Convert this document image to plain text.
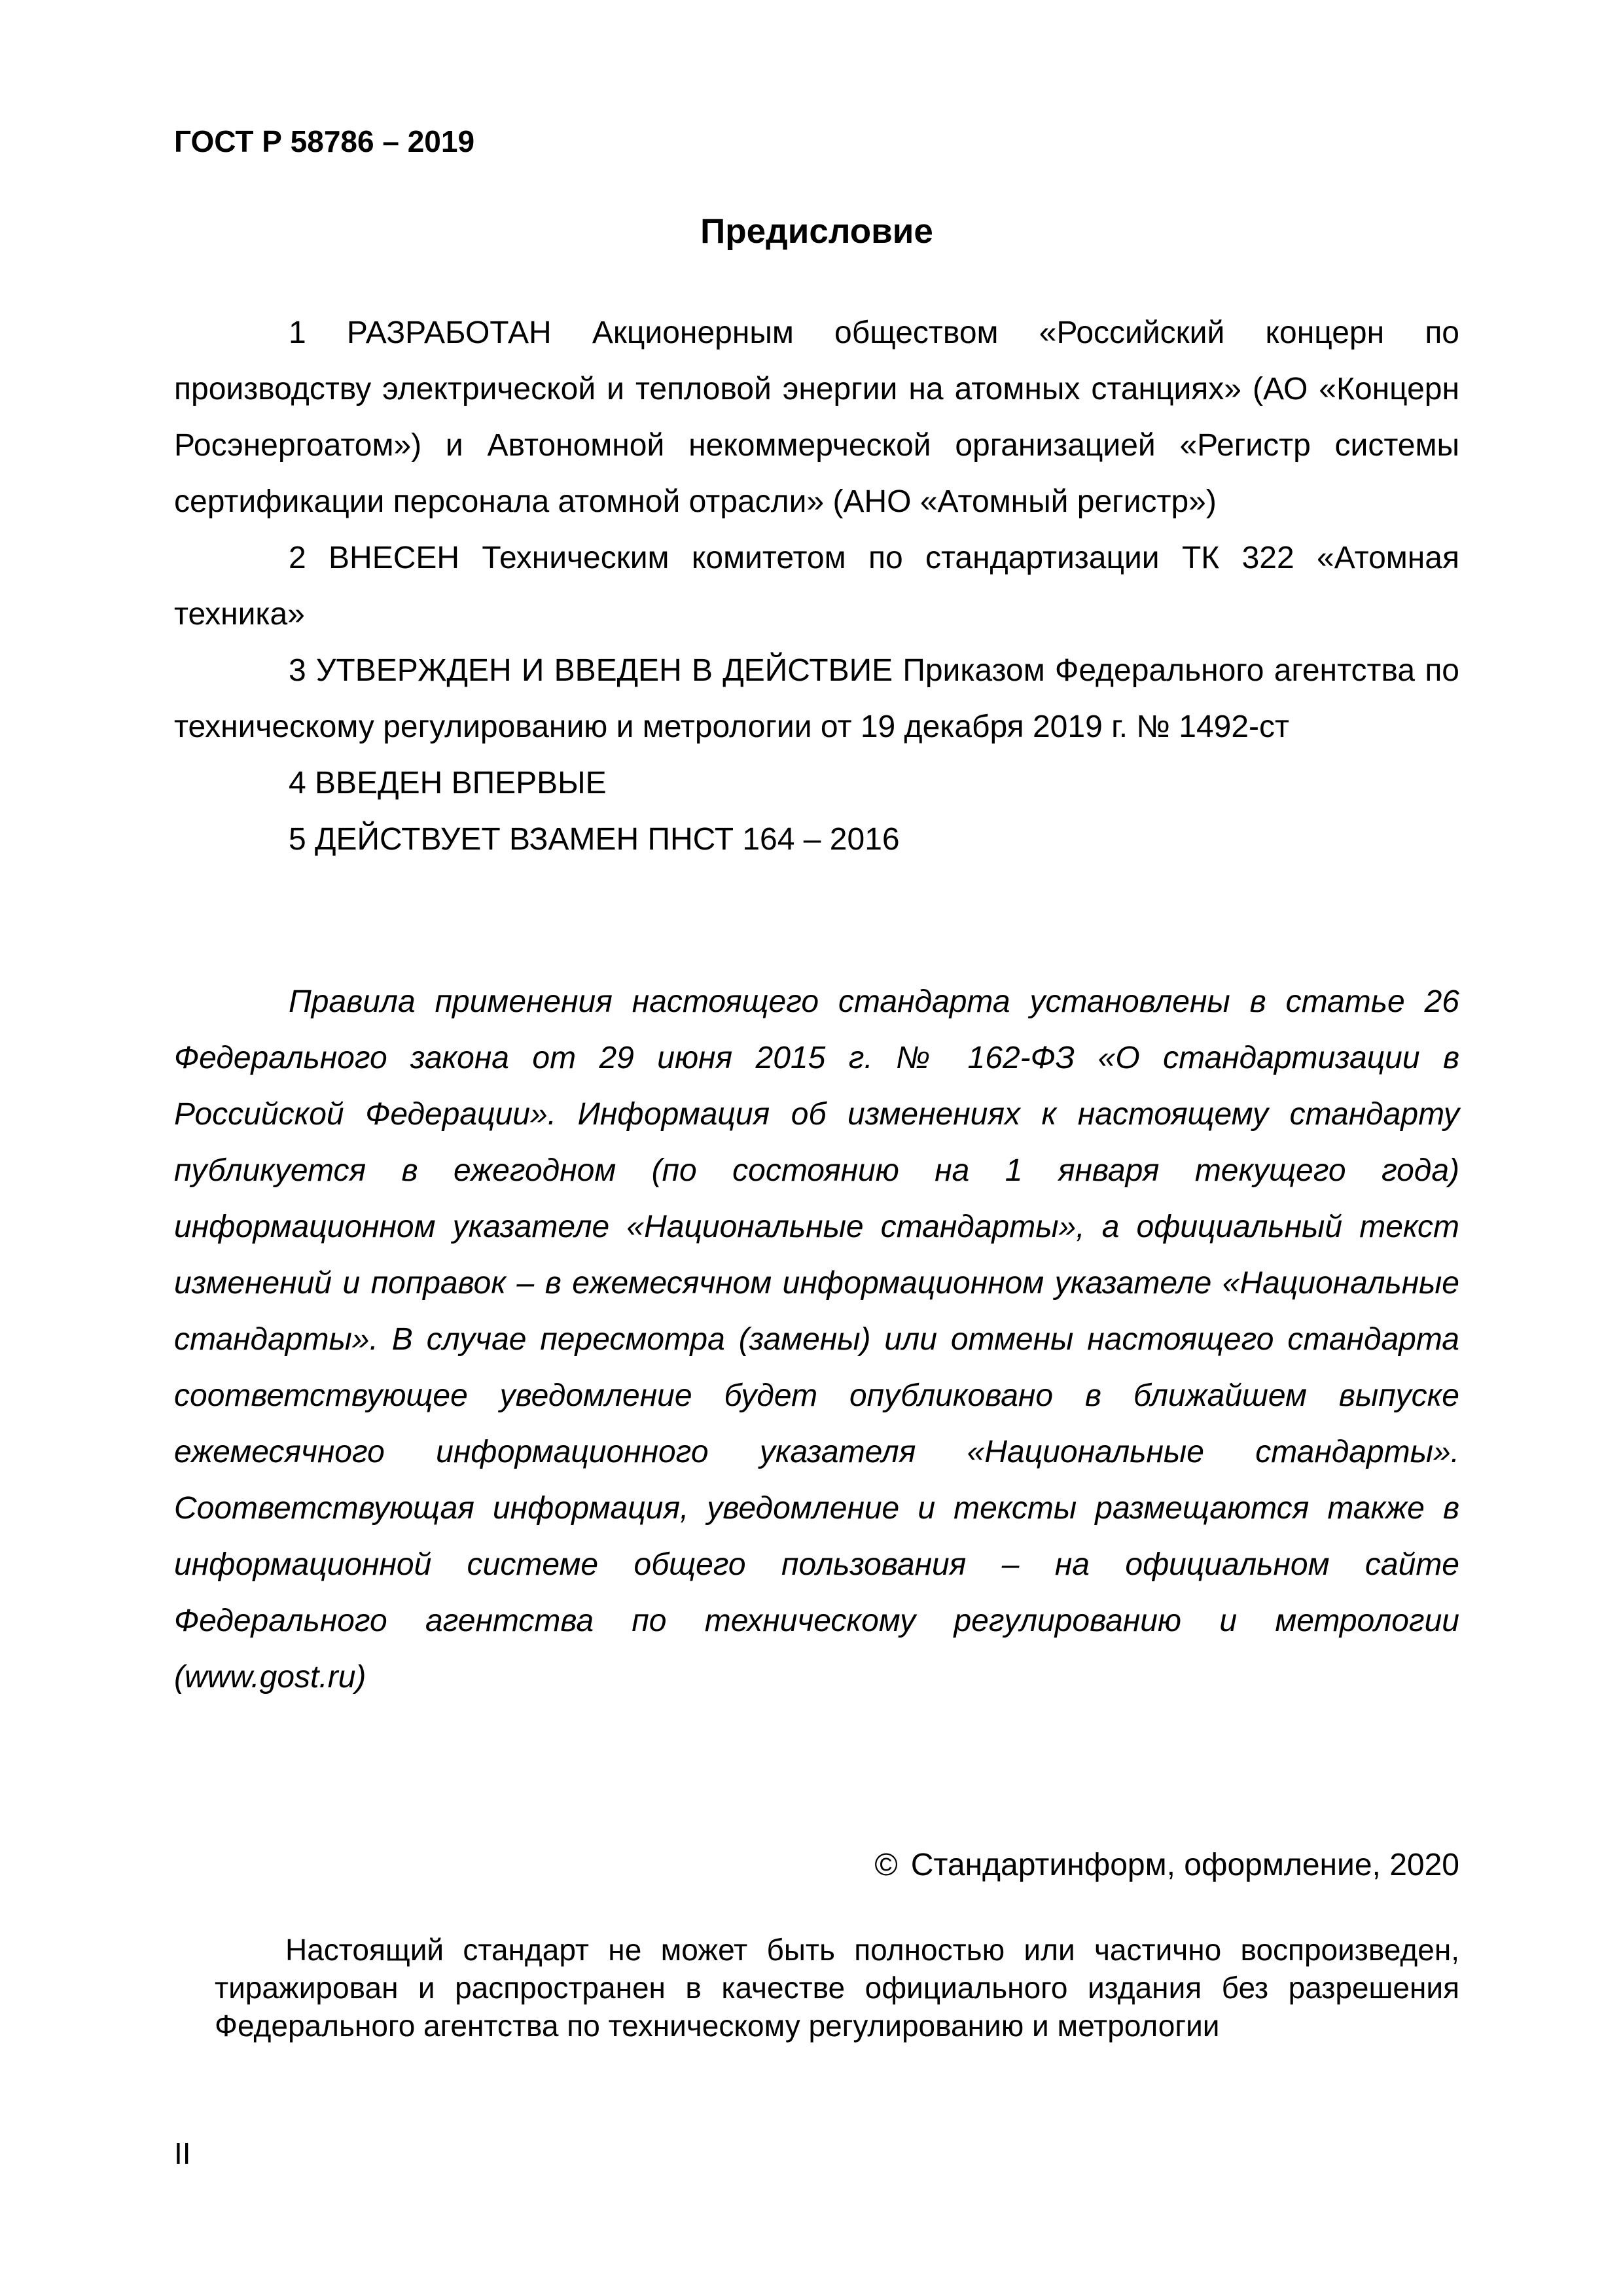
ГОСТ Р 58786 – 2019
Предисловие

1 РАЗРАБОТАН Акционерным обществом «Российский концерн по производству электрической и тепловой энергии на атомных станциях» (АО «Концерн Росэнергоатом») и Автономной некоммерческой организацией «Регистр системы сертификации персонала атомной отрасли» (АНО «Атомный регистр»)

2 ВНЕСЕН Техническим комитетом по стандартизации ТК 322 «Атомная техника»

3 УТВЕРЖДЕН И ВВЕДЕН В ДЕЙСТВИЕ Приказом Федерального агентства по техническому регулированию и метрологии от 19 декабря 2019 г. № 1492-ст

4 ВВЕДЕН ВПЕРВЫЕ

5 ДЕЙСТВУЕТ ВЗАМЕН ПНСТ 164 – 2016

Правила применения настоящего стандарта установлены в статье 26 Федерального закона от 29 июня 2015 г. № 162-ФЗ «О стандартизации в Российской Федерации». Информация об изменениях к настоящему стандарту публикуется в ежегодном (по состоянию на 1 января текущего года) информационном указателе «Национальные стандарты», а официальный текст изменений и поправок – в ежемесячном информационном указателе «Национальные стандарты». В случае пересмотра (замены) или отмены настоящего стандарта соответствующее уведомление будет опубликовано в ближайшем выпуске ежемесячного информационного указателя «Национальные стандарты». Соответствующая информация, уведомление и тексты размещаются также в информационной системе общего пользования – на официальном сайте Федерального агентства по техническому регулированию и метрологии (www.gost.ru)

© Стандартинформ, оформление, 2020

Настоящий стандарт не может быть полностью или частично воспроизведен, тиражирован и распространен в качестве официального издания без разрешения Федерального агентства по техническому регулированию и метрологии

II
